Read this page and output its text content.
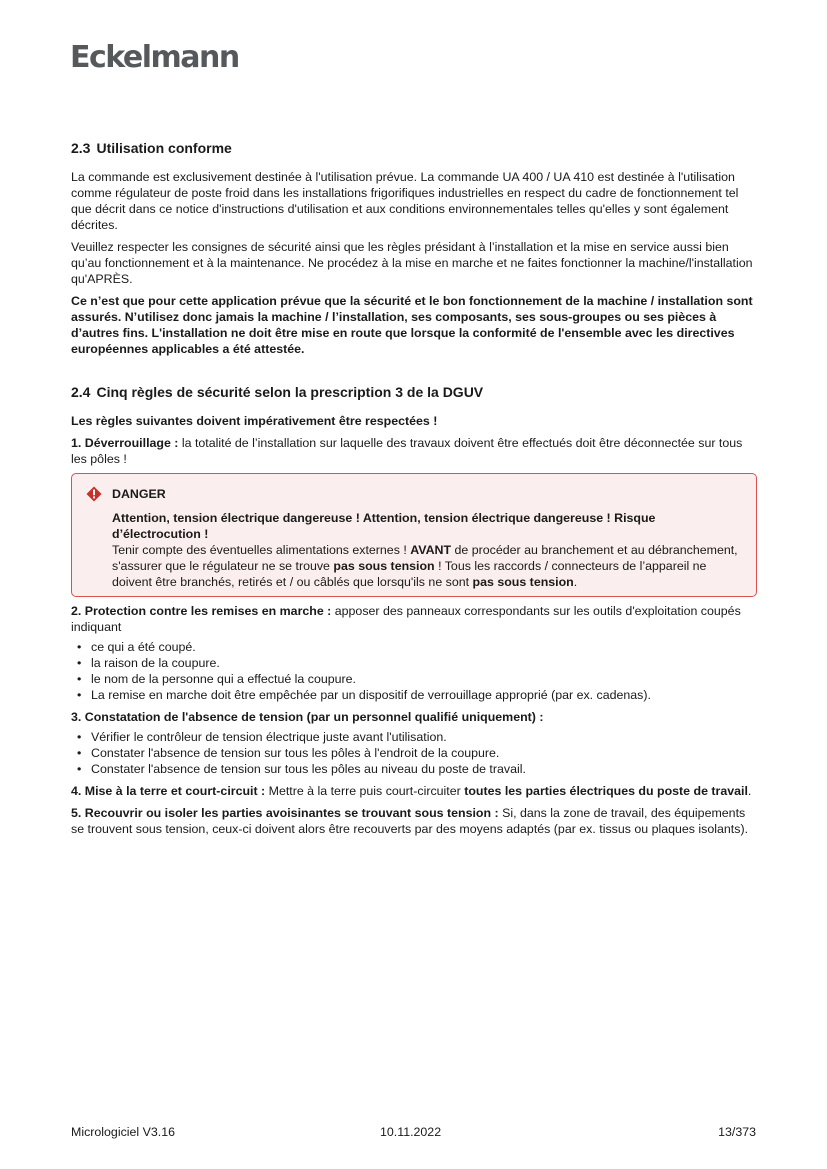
Eckelmann
2.3 Utilisation conforme

La commande est exclusivement destinée à l'utilisation prévue. La commande UA 400 / UA 410 est destinée à l'utilisation comme régulateur de poste froid dans les installations frigorifiques industrielles en respect du cadre de fonctionnement tel que décrit dans ce notice d'instructions d'utilisation et aux conditions environnementales telles qu'elles y sont également décrites.

Veuillez respecter les consignes de sécurité ainsi que les règles présidant à l’installation et la mise en service aussi bien qu’au fonctionnement et à la maintenance. Ne procédez à la mise en marche et ne faites fonctionner la machine/l'installation qu'APRÈS.

Ce n’est que pour cette application prévue que la sécurité et le bon fonctionnement de la machine / installation sont assurés. N’utilisez donc jamais la machine / l’installation, ses composants, ses sous-groupes ou ses pièces à d’autres fins. L'installation ne doit être mise en route que lorsque la conformité de l'ensemble avec les directives européennes applicables a été attestée.

2.4 Cinq règles de sécurité selon la prescription 3 de la DGUV

Les règles suivantes doivent impérativement être respectées !

1. Déverrouillage : la totalité de l’installation sur laquelle des travaux doivent être effectués doit être déconnectée sur tous les pôles !

DANGER

Attention, tension électrique dangereuse ! Attention, tension électrique dangereuse ! Risque d’électrocution !

Tenir compte des éventuelles alimentations externes ! AVANT de procéder au branchement et au débranchement, s'assurer que le régulateur ne se trouve pas sous tension ! Tous les raccords / connecteurs de l’appareil ne doivent être branchés, retirés et / ou câblés que lorsqu'ils ne sont pas sous tension.

2. Protection contre les remises en marche : apposer des panneaux correspondants sur les outils d'exploitation coupés indiquant

• ce qui a été coupé.
• la raison de la coupure.
• le nom de la personne qui a effectué la coupure.
• La remise en marche doit être empêchée par un dispositif de verrouillage approprié (par ex. cadenas).

3. Constatation de l'absence de tension (par un personnel qualifié uniquement) :

• Vérifier le contrôleur de tension électrique juste avant l'utilisation.
• Constater l'absence de tension sur tous les pôles à l'endroit de la coupure.
• Constater l'absence de tension sur tous les pôles au niveau du poste de travail.

4. Mise à la terre et court-circuit : Mettre à la terre puis court-circuiter toutes les parties électriques du poste de travail.

5. Recouvrir ou isoler les parties avoisinantes se trouvant sous tension : Si, dans la zone de travail, des équipements se trouvent sous tension, ceux-ci doivent alors être recouverts par des moyens adaptés (par ex. tissus ou plaques isolants).

Micrologiciel V3.16	10.11.2022	13/373
